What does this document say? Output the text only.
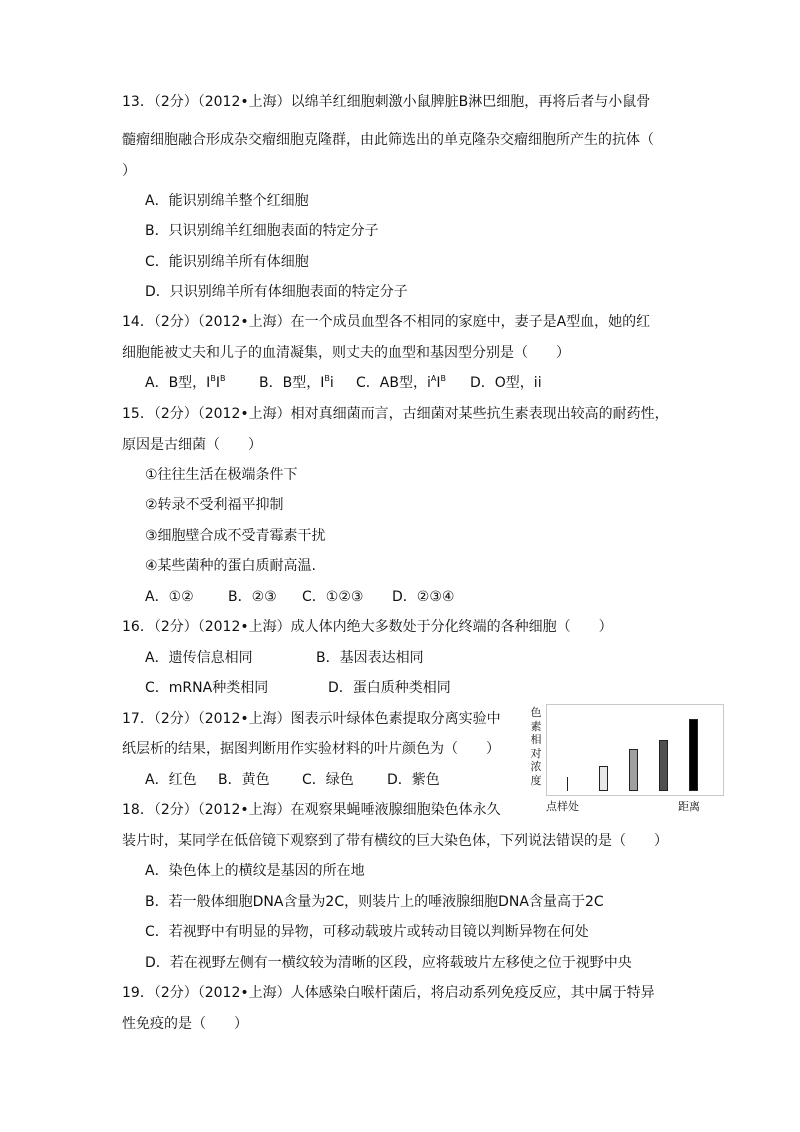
13．（2分）（2012•上海）以绵羊红细胞刺激小鼠脾脏B淋巴细胞，再将后者与小鼠骨
髓瘤细胞融合形成杂交瘤细胞克隆群，由此筛选出的单克隆杂交瘤细胞所产生的抗体（
）
A．能识别绵羊整个红细胞
B．只识别绵羊红细胞表面的特定分子
C．能识别绵羊所有体细胞
D．只识别绵羊所有体细胞表面的特定分子
14．（2分）（2012•上海）在一个成员血型各不相同的家庭中，妻子是A型血，她的红
细胞能被丈夫和儿子的血清凝集，则丈夫的血型和基因型分别是（　　）
A．B型，$I^BI^B$ B．B型，$I^Bi$ C．AB型，$i^AI^B$ D．O型，ii
15．（2分）（2012•上海）相对真细菌而言，古细菌对某些抗生素表现出较高的耐药性，
原因是古细菌（　　）
①往往生活在极端条件下
②转录不受利福平抑制
③细胞壁合成不受青霉素干扰
④某些菌种的蛋白质耐高温.
A．①② B．②③ C．①②③ D．②③④
16．（2分）（2012•上海）成人体内绝大多数处于分化终端的各种细胞（　　）
A．遗传信息相同	B．基因表达相同
C．mRNA种类相同	D．蛋白质种类相同
17．（2分）（2012•上海）图表示叶绿体色素提取分离实验中
纸层析的结果，据图判断用作实验材料的叶片颜色为（　　）
A．红色 B．黄色 C．绿色 D．紫色
色素相对浓度
点样处	距离
18．（2分）（2012•上海）在观察果蝇唾液腺细胞染色体永久
装片时，某同学在低倍镜下观察到了带有横纹的巨大染色体，下列说法错误的是（　　）
A．染色体上的横纹是基因的所在地
B．若一般体细胞DNA含量为2C，则装片上的唾液腺细胞DNA含量高于2C
C．若视野中有明显的异物，可移动载玻片或转动目镜以判断异物在何处
D．若在视野左侧有一横纹较为清晰的区段，应将载玻片左移使之位于视野中央
19．（2分）（2012•上海）人体感染白喉杆菌后，将启动系列免疫反应，其中属于特异
性免疫的是（　　）
